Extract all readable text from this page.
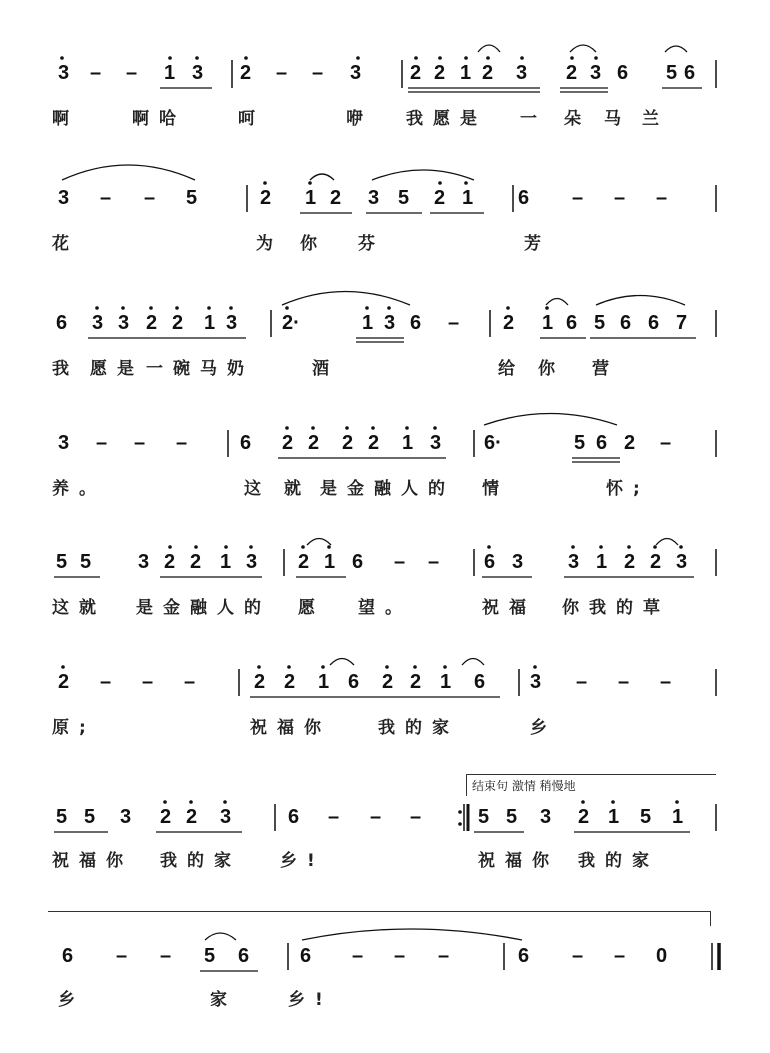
结束句 激情 稍慢地
3 – – 1 3 2 – – 3 2 2 1 2 3 2 3 6 5 6
啊	啊哈	呵	咿 我愿是 一 朵 马 兰
3 – – 5	2 1 2 3 5 2 1 6 – – –
花	为 你 芬	芳
6 3 3 2 2 1 3 2·	1 3 6 – 2 1 6 5 6 6 7
我 愿是 一碗马奶	酒	给 你 营
3 – – –	6 2 2 2 2 1 3 6·	5 6 2 –
养。	这 就 是金融人的 情	怀;
5 5 3 2 2 1 3 2 1 6 – – 6 3 3 1 2 2 3
这就 是金融人的 愿 望。	祝福 你我的草
2 – – –	2 2 1 6 2 2 1 6 3 – – –
原;	祝福你	我的家	乡
5 5 3 2 2 3	6 – – –	5 5 3 2 1 5 1
祝福你 我的家 乡!	祝福你 我的家
6 – – 5 6	6 – – –	6 – – 0
乡	家	乡!
